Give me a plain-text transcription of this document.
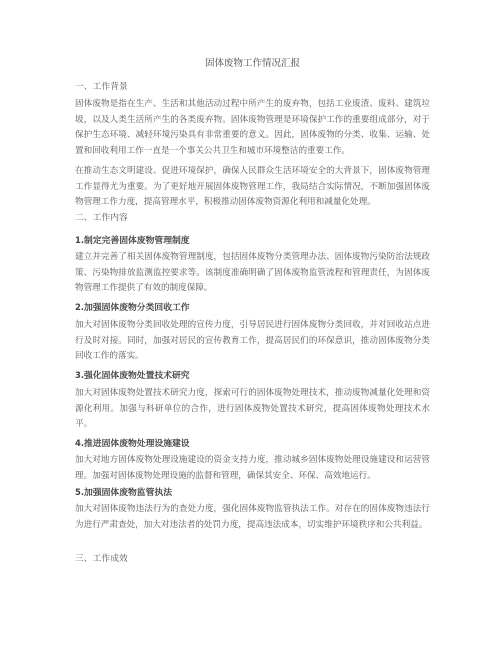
固体废物工作情况汇报
一、工作背景

固体废物是指在生产、生活和其他活动过程中所产生的废弃物，包括工业废渣、废料、建筑垃圾，以及人类生活所产生的各类废弃物。固体废物管理是环境保护工作的重要组成部分，对于保护生态环境、减轻环境污染具有非常重要的意义。因此，固体废物的分类、收集、运输、处置和回收利用工作一直是一个事关公共卫生和城市环境整洁的重要工作。

在推动生态文明建设、促进环境保护，确保人民群众生活环境安全的大背景下，固体废物管理工作显得尤为重要。为了更好地开展固体废物管理工作，我局结合实际情况，不断加强固体废物管理工作力度，提高管理水平，积极推动固体废物资源化利用和减量化处理。

二、工作内容
1.制定完善固体废物管理制度

建立并完善了相关固体废物管理制度，包括固体废物分类管理办法、固体废物污染防治法规政策、污染物排放监测监控要求等。该制度准确明确了固体废物监管流程和管理责任，为固体废物管理工作提供了有效的制度保障。

2.加强固体废物分类回收工作

加大对固体废物分类回收处理的宣传力度，引导居民进行固体废物分类回收，并对回收站点进行及时对接。同时，加强对居民的宣传教育工作，提高居民们的环保意识，推动固体废物分类回收工作的落实。

3.强化固体废物处置技术研究

加大对固体废物处置技术研究力度，探索可行的固体废物处理技术，推动废物减量化处理和资源化利用。加强与科研单位的合作，进行固体废物处置技术研究，提高固体废物处理技术水平。

4.推进固体废物处理设施建设

加大对地方固体废物处理设施建设的资金支持力度，推动城乡固体废物处理设施建设和运营管理。加强对固体废物处理设施的监督和管理，确保其安全、环保、高效地运行。

5.加强固体废物监管执法

加大对固体废物违法行为的查处力度，强化固体废物监管执法工作。对存在的固体废物违法行为进行严肃查处，加大对违法者的处罚力度，提高违法成本，切实维护环境秩序和公共利益。

三、工作成效
